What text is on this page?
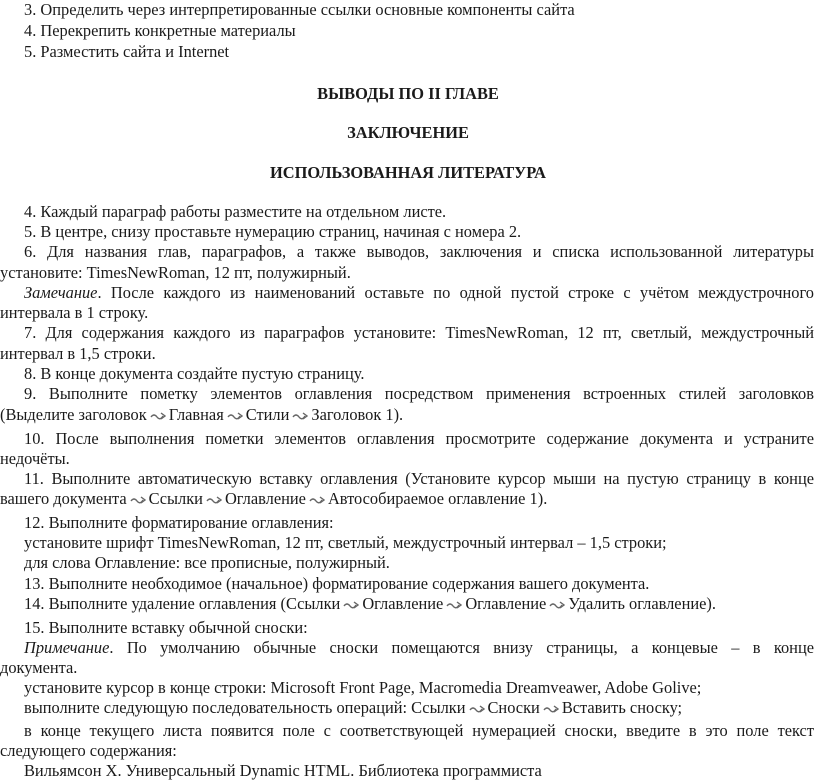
3. Определить через интерпретированные ссылки основные компоненты сайта
4. Перекрепить конкретные материалы
5. Разместить сайта и Internet
ВЫВОДЫ ПО II ГЛАВЕ
ЗАКЛЮЧЕНИЕ
ИСПОЛЬЗОВАННАЯ ЛИТЕРАТУРА
4. Каждый параграф работы разместите на отдельном листе.
5. В центре, снизу проставьте нумерацию страниц, начиная с номера 2.
6. Для названия глав, параграфов, а также выводов, заключения и списка использованной литературы
установите: TimesNewRoman, 12 пт, полужирный.
Замечание. После каждого из наименований оставьте по одной пустой строке с учётом междустрочного
интервала в 1 строку.
7. Для содержания каждого из параграфов установите: TimesNewRoman, 12 пт, светлый, междустрочный
интервал в 1,5 строки.
8. В конце документа создайте пустую страницу.
9. Выполните пометку элементов оглавления посредством применения встроенных стилей заголовков
(Выделите заголовок Главная Стили Заголовок 1).
10. После выполнения пометки элементов оглавления просмотрите содержание документа и устраните
недочёты.
11. Выполните автоматическую вставку оглавления (Установите курсор мыши на пустую страницу в конце
вашего документа Ссылки Оглавление Автособираемое оглавление 1).
12. Выполните форматирование оглавления:
установите шрифт TimesNewRoman, 12 пт, светлый, междустрочный интервал – 1,5 строки;
для слова Оглавление: все прописные, полужирный.
13. Выполните необходимое (начальное) форматирование содержания вашего документа.
14. Выполните удаление оглавления (Ссылки Оглавление Оглавление Удалить оглавление).
15. Выполните вставку обычной сноски:
Примечание. По умолчанию обычные сноски помещаются внизу страницы, а концевые – в конце
документа.
установите курсор в конце строки: Microsoft Front Page, Macromedia Dreamveawer, Adobe Golive;
выполните следующую последовательность операций: Ссылки Сноски Вставить сноску;
в конце текущего листа появится поле с соответствующей нумерацией сноски, введите в это поле текст
следующего содержания:
Вильямсон Х. Универсальный Dynamic HTML. Библиотека программиста
